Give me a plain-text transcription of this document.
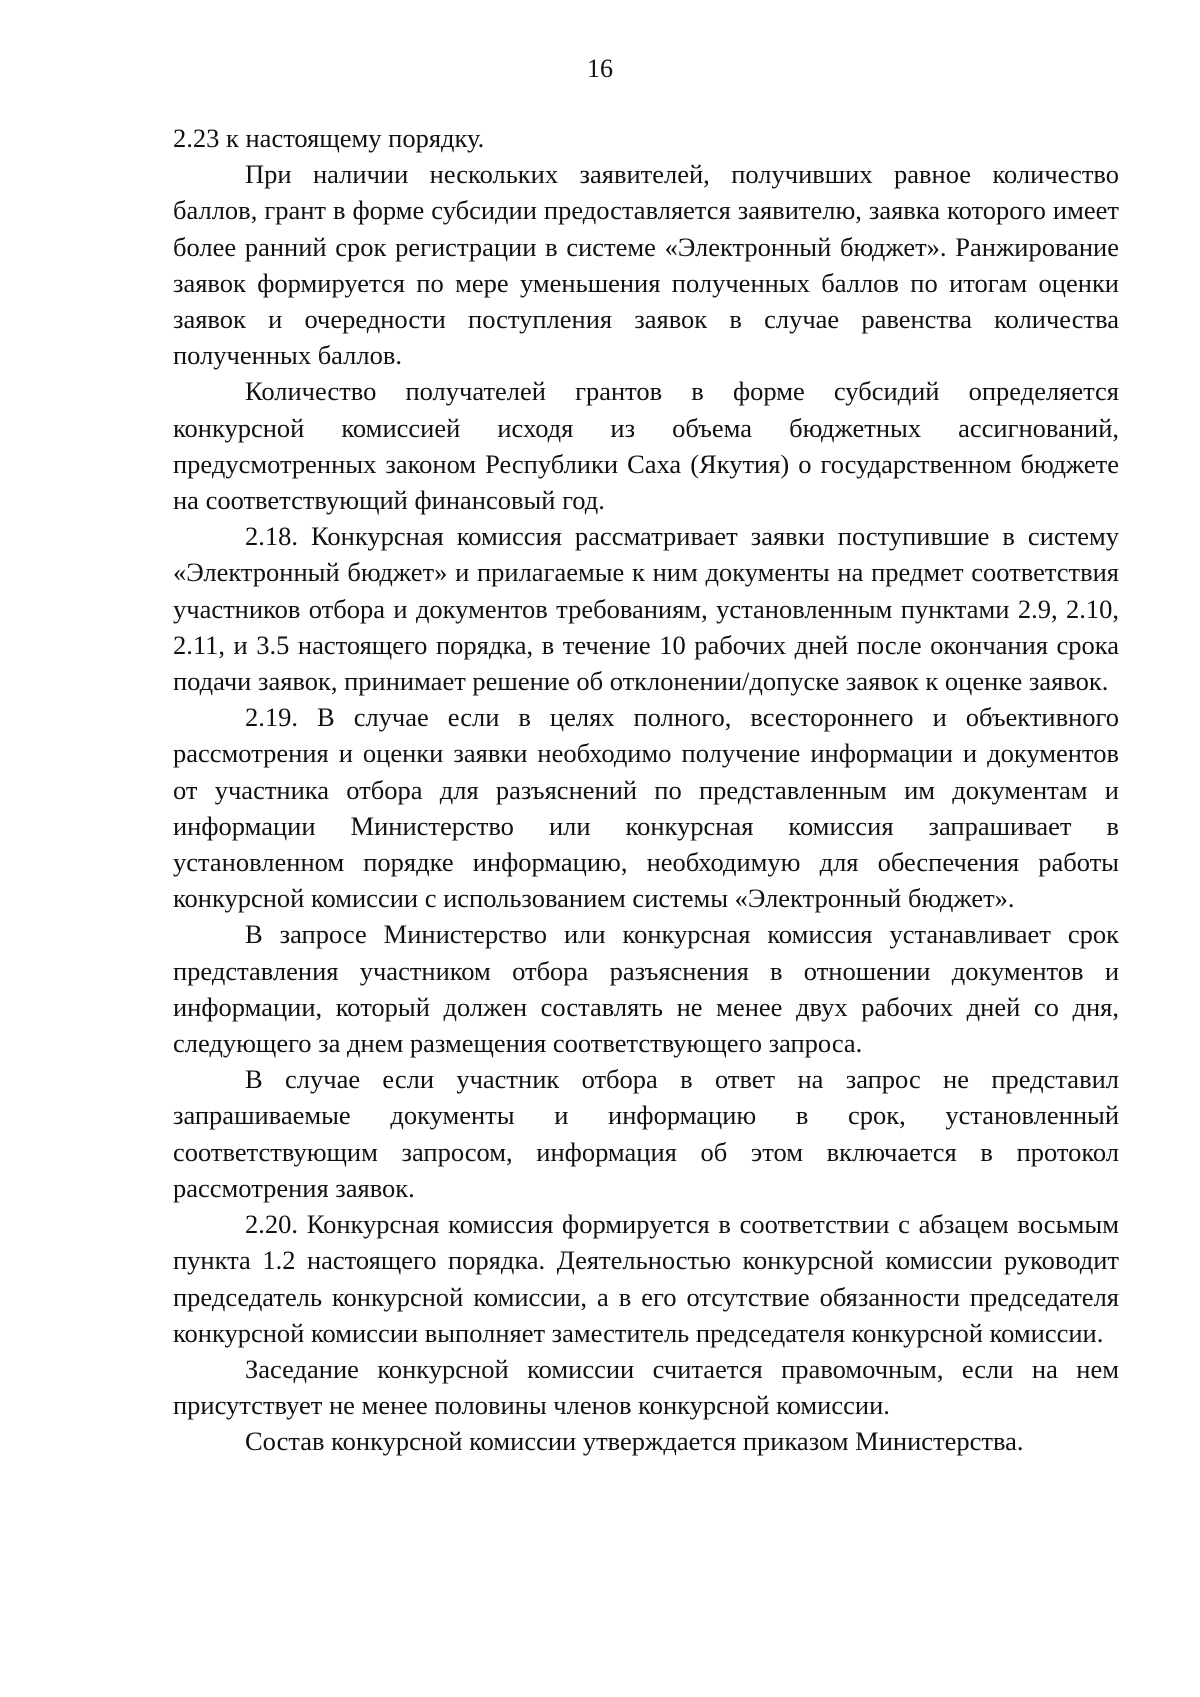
16

2.23 к настоящему порядку.

При наличии нескольких заявителей, получивших равное количество баллов, грант в форме субсидии предоставляется заявителю, заявка которого имеет более ранний срок регистрации в системе «Электронный бюджет». Ранжирование заявок формируется по мере уменьшения полученных баллов по итогам оценки заявок и очередности поступления заявок в случае равенства количества полученных баллов.

Количество получателей грантов в форме субсидий определяется конкурсной комиссией исходя из объема бюджетных ассигнований, предусмотренных законом Республики Саха (Якутия) о государственном бюджете на соответствующий финансовый год.

2.18. Конкурсная комиссия рассматривает заявки поступившие в систему «Электронный бюджет» и прилагаемые к ним документы на предмет соответствия участников отбора и документов требованиям, установленным пунктами 2.9, 2.10, 2.11, и 3.5 настоящего порядка, в течение 10 рабочих дней после окончания срока подачи заявок, принимает решение об отклонении/допуске заявок к оценке заявок.

2.19. В случае если в целях полного, всестороннего и объективного рассмотрения и оценки заявки необходимо получение информации и документов от участника отбора для разъяснений по представленным им документам и информации Министерство или конкурсная комиссия запрашивает в установленном порядке информацию, необходимую для обеспечения работы конкурсной комиссии с использованием системы «Электронный бюджет».

В запросе Министерство или конкурсная комиссия устанавливает срок представления участником отбора разъяснения в отношении документов и информации, который должен составлять не менее двух рабочих дней со дня, следующего за днем размещения соответствующего запроса.

В случае если участник отбора в ответ на запрос не представил запрашиваемые документы и информацию в срок, установленный соответствующим запросом, информация об этом включается в протокол рассмотрения заявок.

2.20. Конкурсная комиссия формируется в соответствии с абзацем восьмым пункта 1.2 настоящего порядка. Деятельностью конкурсной комиссии руководит председатель конкурсной комиссии, а в его отсутствие обязанности председателя конкурсной комиссии выполняет заместитель председателя конкурсной комиссии.

Заседание конкурсной комиссии считается правомочным, если на нем присутствует не менее половины членов конкурсной комиссии.

Состав конкурсной комиссии утверждается приказом Министерства.
